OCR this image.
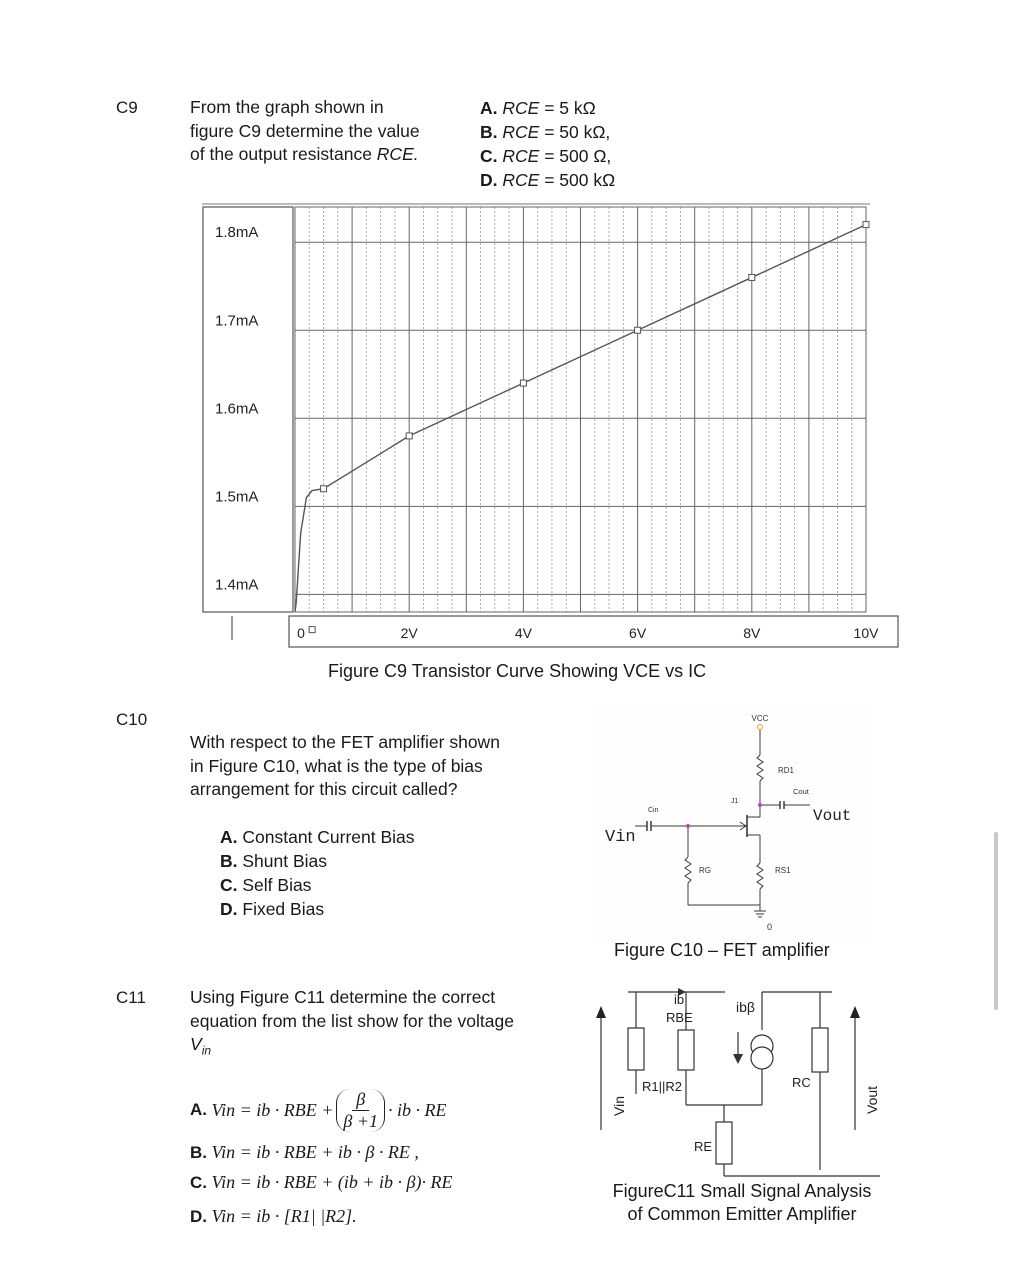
C9	From the graph shown in
figure C9 determine the value
of the output resistance RCE.
A. RCE = 5 kΩ
B. RCE = 50 kΩ,
C. RCE = 500 Ω,
D. RCE = 500 kΩ
1.8mA
1.7mA
1.6mA
1.5mA
1.4mA
0	2V	4V	6V	8V	10V
Figure C9 Transistor Curve Showing VCE vs IC
C10
With respect to the FET amplifier shown
in Figure C10, what is the type of bias
arrangement for this circuit called?
A. Constant Current Bias
B. Shunt Bias
C. Self Bias
D. Fixed Bias
VCC
RD1
Cout
Vout
J1
Cin
Vin
RG	RS1
0
Figure C10 – FET amplifier
C11	Using Figure C11 determine the correct
equation from the list show for the voltage
$V_{in}$
A.
Vin = ib · RBE +
β
β +1
· ib · RE
B. Vin = ib · RBE + ib · β · RE ,
C. Vin = ib · RBE + (ib + ib · β)· RE
D. Vin = ib · [R1| |R2].
ib
RBE
ibβ
R1||R2	RC
RE
Vin	Vout
FigureC11 Small Signal Analysis
of Common Emitter Amplifier
